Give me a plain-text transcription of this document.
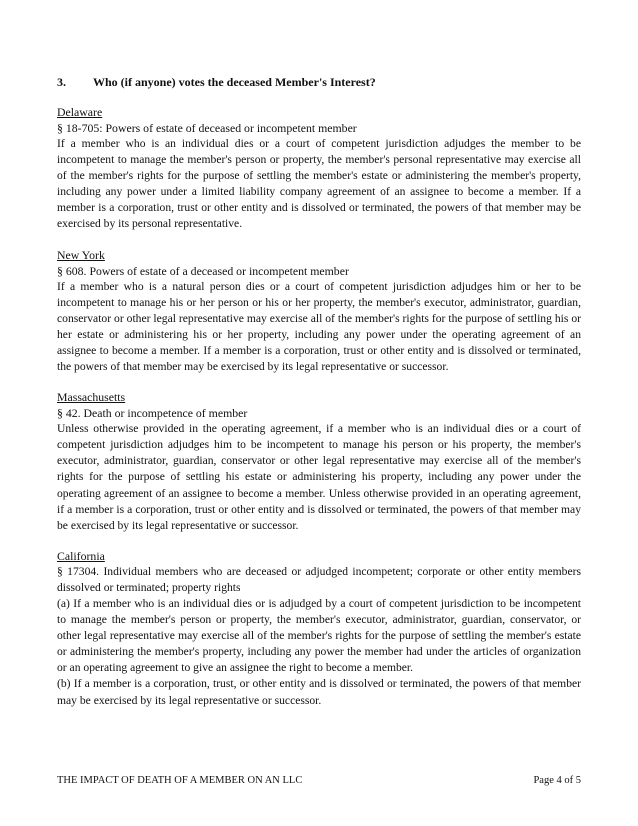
3.	Who (if anyone) votes the deceased Member's Interest?
Delaware
§ 18-705: Powers of estate of deceased or incompetent member

If a member who is an individual dies or a court of competent jurisdiction adjudges the member to be incompetent to manage the member's person or property, the member's personal representative may exercise all of the member's rights for the purpose of settling the member's estate or administering the member's property, including any power under a limited liability company agreement of an assignee to become a member. If a member is a corporation, trust or other entity and is dissolved or terminated, the powers of that member may be exercised by its personal representative.

New York
§ 608. Powers of estate of a deceased or incompetent member

If a member who is a natural person dies or a court of competent jurisdiction adjudges him or her to be incompetent to manage his or her person or his or her property, the member's executor, administrator, guardian, conservator or other legal representative may exercise all of the member's rights for the purpose of settling his or her estate or administering his or her property, including any power under the operating agreement of an assignee to become a member. If a member is a corporation, trust or other entity and is dissolved or terminated, the powers of that member may be exercised by its legal representative or successor.

Massachusetts
§ 42. Death or incompetence of member

Unless otherwise provided in the operating agreement, if a member who is an individual dies or a court of competent jurisdiction adjudges him to be incompetent to manage his person or his property, the member's executor, administrator, guardian, conservator or other legal representative may exercise all of the member's rights for the purpose of settling his estate or administering his property, including any power under the operating agreement of an assignee to become a member. Unless otherwise provided in an operating agreement, if a member is a corporation, trust or other entity and is dissolved or terminated, the powers of that member may be exercised by its legal representative or successor.

California

§ 17304. Individual members who are deceased or adjudged incompetent; corporate or other entity members dissolved or terminated; property rights

(a) If a member who is an individual dies or is adjudged by a court of competent jurisdiction to be incompetent to manage the member's person or property, the member's executor, administrator, guardian, conservator, or other legal representative may exercise all of the member's rights for the purpose of settling the member's estate or administering the member's property, including any power the member had under the articles of organization or an operating agreement to give an assignee the right to become a member.

(b) If a member is a corporation, trust, or other entity and is dissolved or terminated, the powers of that member may be exercised by its legal representative or successor.

THE IMPACT OF DEATH OF A MEMBER ON AN LLC	Page 4 of 5
